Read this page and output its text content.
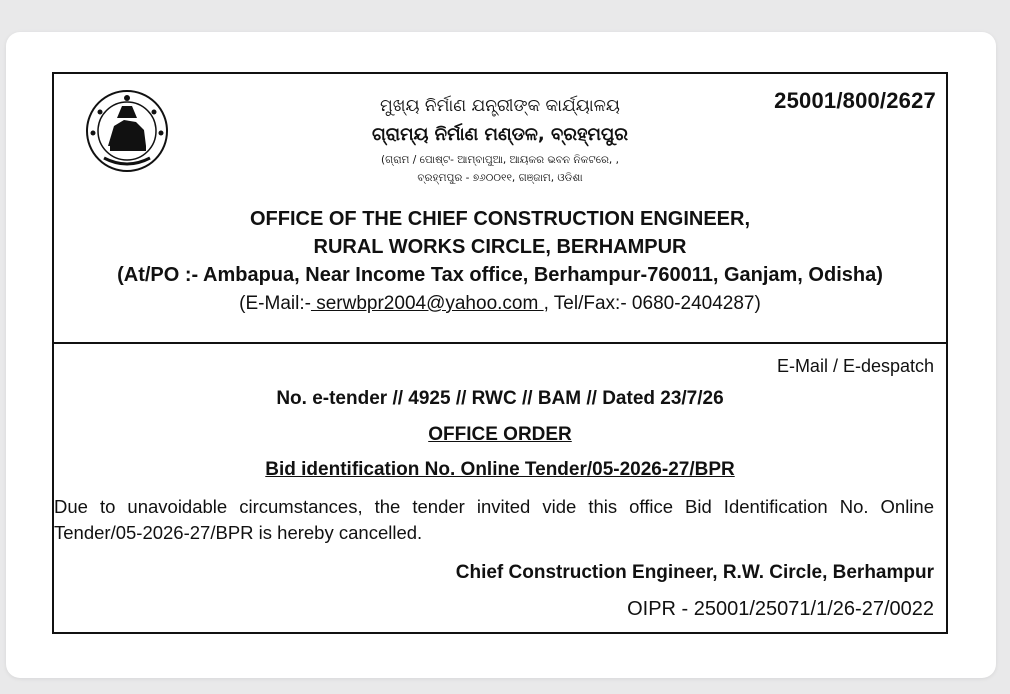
25001/800/2627
ମୁଖ୍ୟ ନିର୍ମାଣ ଯନ୍ତ୍ରୀଙ୍କ କାର୍ଯ୍ୟାଳୟ
ଗ୍ରାମ୍ୟ ନିର୍ମାଣ ମଣ୍ଡଳ, ବ୍ରହ୍ମପୁର
(ଗ୍ରାମ / ପୋଷ୍ଟ- ଆମ୍ବାପୁଆ, ଆୟକର ଭବନ ନିକଟରେ, ,
ବ୍ରହ୍ମପୁର - ୭୬୦୦୧୧, ଗଞ୍ଜାମ, ଓଡିଶା
OFFICE OF THE CHIEF CONSTRUCTION ENGINEER,
RURAL WORKS CIRCLE, BERHAMPUR
(At/PO :- Ambapua, Near Income Tax office, Berhampur-760011, Ganjam, Odisha)
(E-Mail:- serwbpr2004@yahoo.com , Tel/Fax:- 0680-2404287)
E-Mail / E-despatch
No. e-tender // 4925 // RWC // BAM // Dated 23/7/26
OFFICE ORDER
Bid identification No. Online Tender/05-2026-27/BPR
Due to unavoidable circumstances, the tender invited vide this office Bid Identification No. Online Tender/05-2026-27/BPR is hereby cancelled.
Chief Construction Engineer, R.W. Circle, Berhampur
OIPR - 25001/25071/1/26-27/0022
